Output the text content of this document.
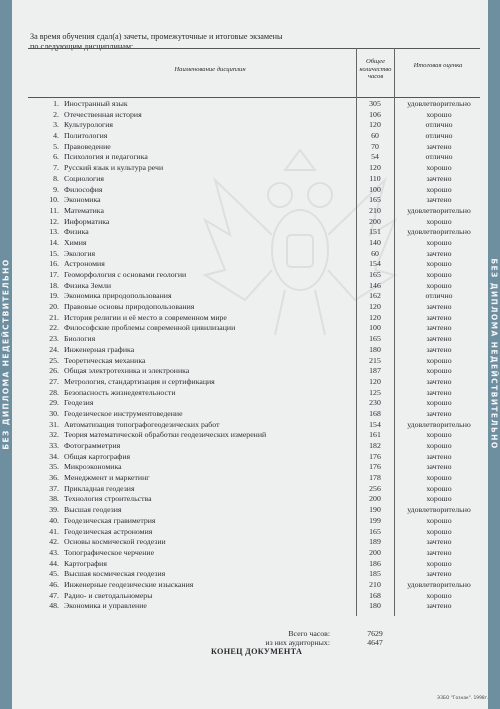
БЕЗ ДИПЛОМА НЕДЕЙСТВИТЕЛЬНО	БЕЗ ДИПЛОМА НЕДЕЙСТВИТЕЛЬНО
За время обучения сдал(а) зачеты, промежуточные и итоговые экзамены
по следующим дисциплинам:
Наименование дисциплин
Общее количество часов
Итоговая оценка
1. Иностранный язык	305	удовлетворительно
2. Отечественная история	106	хорошо
3. Культурология	120	отлично
4. Политология	60	отлично
5. Правоведение	70	зачтено
6. Психология и педагогика	54	отлично
7. Русский язык и культура речи	120	хорошо
8. Социология	110	зачтено
9. Философия	100	хорошо
10. Экономика	165	зачтено
11. Математика	210	удовлетворительно
12. Информатика	200	хорошо
13. Физика	151	удовлетворительно
14. Химия	140	хорошо
15. Экология	60	зачтено
16. Астрономия	154	хорошо
17. Геоморфология с основами геологии	165	хорошо
18. Физика Земли	146	хорошо
19. Экономика природопользования	162	отлично
20. Правовые основы природопользования	120	зачтено
21. История религии и её место в современном мире	120	зачтено
22. Философские проблемы современной цивилизации	100	зачтено
23. Биология	165	зачтено
24. Инженерная графика	180	зачтено
25. Теоретическая механика	215	хорошо
26. Общая электротехника и электроника	187	хорошо
27. Метрология, стандартизация и сертификация	120	зачтено
28. Безопасность жизнедеятельности	125	зачтено
29. Геодезия	230	хорошо
30. Геодезическое инструментоведение	168	зачтено
31. Автоматизация топографогеодезических работ	154	удовлетворительно
32. Теория математической обработки геодезических измерений	161	хорошо
33. Фотограмметрия	182	хорошо
34. Общая картография	176	зачтено
35. Микроэкономика	176	зачтено
36. Менеджмент и маркетинг	178	хорошо
37. Прикладная геодезия	256	хорошо
38. Технология строительства	200	хорошо
39. Высшая геодезия	190	удовлетворительно
40. Геодезическая гравиметрия	199	хорошо
41. Геодезическая астрономия	165	хорошо
42. Основы космической геодезии	189	зачтено
43. Топографическое черчение	200	зачтено
44. Картография	186	хорошо
45. Высшая космическая геодезия	185	зачтено
46. Инженерные геодезические изыскания	210	удовлетворительно
47. Радио- и светодальномеры	168	хорошо
48. Экономика и управление	180	зачтено
Всего часов:	7629
из них аудиторных:	4647
КОНЕЦ ДОКУМЕНТА
ЭЗБО "Гознак". 1998г.
